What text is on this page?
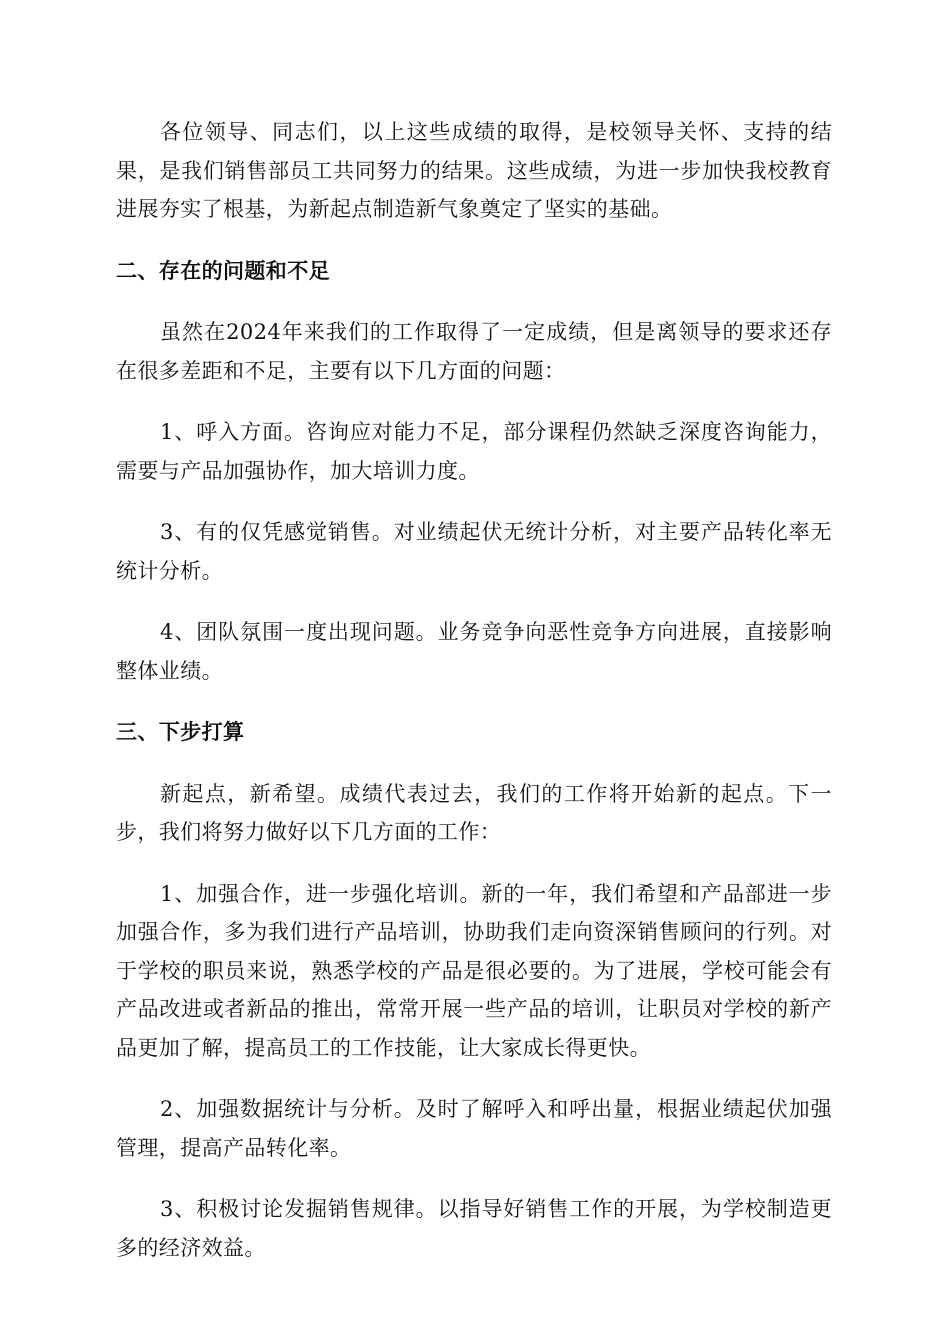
各位领导、同志们，以上这些成绩的取得，是校领导关怀、支持的结果，是我们销售部员工共同努力的结果。这些成绩，为进一步加快我校教育进展夯实了根基，为新起点制造新气象奠定了坚实的基础。

二、存在的问题和不足

虽然在2024年来我们的工作取得了一定成绩，但是离领导的要求还存在很多差距和不足，主要有以下几方面的问题：

1、呼入方面。咨询应对能力不足，部分课程仍然缺乏深度咨询能力，需要与产品加强协作，加大培训力度。

3、有的仅凭感觉销售。对业绩起伏无统计分析，对主要产品转化率无统计分析。

4、团队氛围一度出现问题。业务竞争向恶性竞争方向进展，直接影响整体业绩。

三、下步打算

新起点，新希望。成绩代表过去，我们的工作将开始新的起点。下一步，我们将努力做好以下几方面的工作：

1、加强合作，进一步强化培训。新的一年，我们希望和产品部进一步加强合作，多为我们进行产品培训，协助我们走向资深销售顾问的行列。对于学校的职员来说，熟悉学校的产品是很必要的。为了进展，学校可能会有产品改进或者新品的推出，常常开展一些产品的培训，让职员对学校的新产品更加了解，提高员工的工作技能，让大家成长得更快。

2、加强数据统计与分析。及时了解呼入和呼出量，根据业绩起伏加强管理，提高产品转化率。

3、积极讨论发掘销售规律。以指导好销售工作的开展，为学校制造更多的经济效益。
